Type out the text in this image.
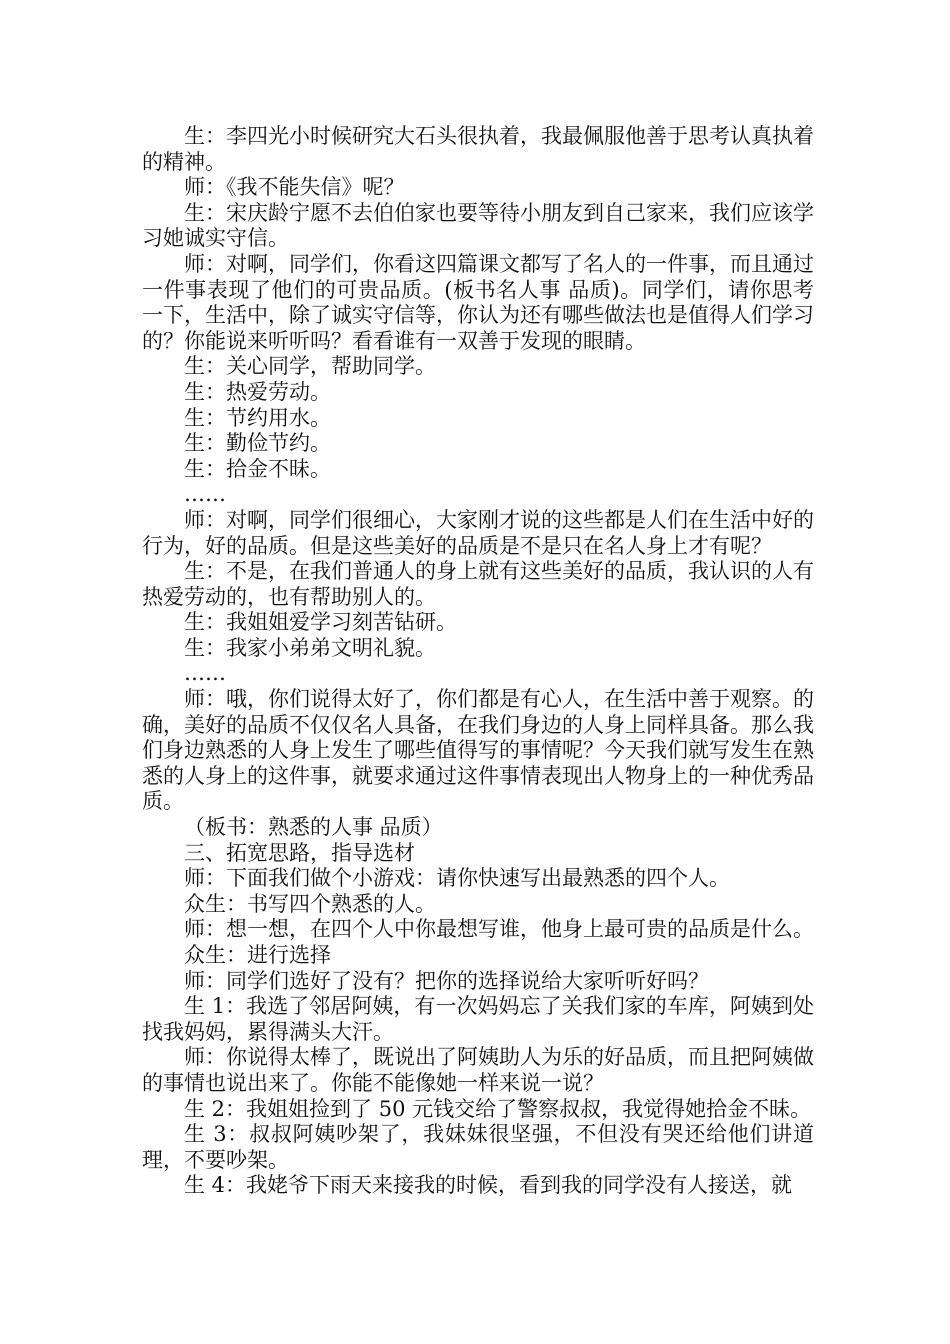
生：李四光小时候研究大石头很执着，我最佩服他善于思考认真执着的精神。

师：《我不能失信》呢？

生：宋庆龄宁愿不去伯伯家也要等待小朋友到自己家来，我们应该学习她诚实守信。

师：对啊，同学们，你看这四篇课文都写了名人的一件事，而且通过一件事表现了他们的可贵品质。(板书名人事 品质)。同学们，请你思考一下，生活中，除了诚实守信等，你认为还有哪些做法也是值得人们学习的？你能说来听听吗？看看谁有一双善于发现的眼睛。

生：关心同学，帮助同学。

生：热爱劳动。

生：节约用水。

生：勤俭节约。

生：拾金不昧。

……

师：对啊，同学们很细心，大家刚才说的这些都是人们在生活中好的行为，好的品质。但是这些美好的品质是不是只在名人身上才有呢？

生：不是，在我们普通人的身上就有这些美好的品质，我认识的人有热爱劳动的，也有帮助别人的。

生：我姐姐爱学习刻苦钻研。

生：我家小弟弟文明礼貌。

……

师：哦，你们说得太好了，你们都是有心人，在生活中善于观察。的确，美好的品质不仅仅名人具备，在我们身边的人身上同样具备。那么我们身边熟悉的人身上发生了哪些值得写的事情呢？今天我们就写发生在熟悉的人身上的这件事，就要求通过这件事情表现出人物身上的一种优秀品质。

（板书：熟悉的人事 品质）

三、拓宽思路，指导选材

师：下面我们做个小游戏：请你快速写出最熟悉的四个人。

众生：书写四个熟悉的人。

师：想一想，在四个人中你最想写谁，他身上最可贵的品质是什么。

众生：进行选择

师：同学们选好了没有？把你的选择说给大家听听好吗？

生 1：我选了邻居阿姨，有一次妈妈忘了关我们家的车库，阿姨到处找我妈妈，累得满头大汗。

师：你说得太棒了，既说出了阿姨助人为乐的好品质，而且把阿姨做的事情也说出来了。你能不能像她一样来说一说？

生 2：我姐姐捡到了 50 元钱交给了警察叔叔，我觉得她拾金不昧。

生 3：叔叔阿姨吵架了，我妹妹很坚强，不但没有哭还给他们讲道理，不要吵架。

生 4：我姥爷下雨天来接我的时候，看到我的同学没有人接送，就
